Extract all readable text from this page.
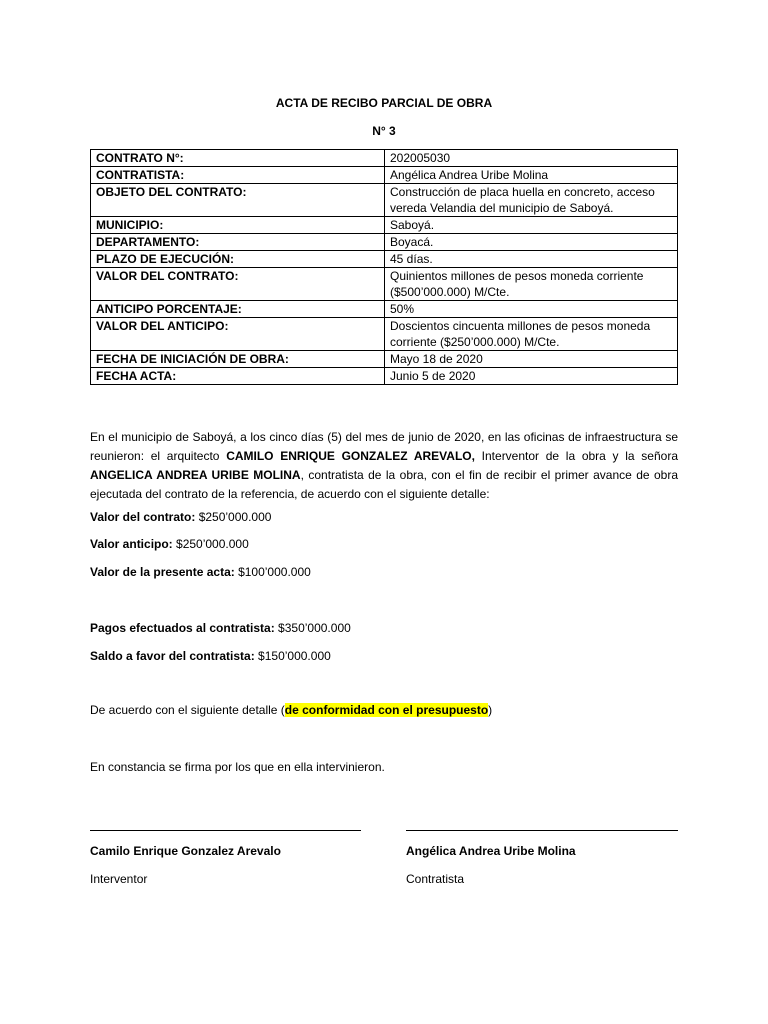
ACTA DE RECIBO PARCIAL DE OBRA
N° 3
CONTRATO N°:	202005030
CONTRATISTA:	Angélica Andrea Uribe Molina
OBJETO DEL CONTRATO:	Construcción de placa huella en concreto, acceso vereda Velandia del municipio de Saboyá.
MUNICIPIO:	Saboyá.
DEPARTAMENTO:	Boyacá.
PLAZO DE EJECUCIÓN:	45 días.
VALOR DEL CONTRATO:	Quinientos millones de pesos moneda corriente ($500’000.000) M/Cte.
ANTICIPO PORCENTAJE:	50%
VALOR DEL ANTICIPO:	Doscientos cincuenta millones de pesos moneda corriente ($250’000.000) M/Cte.
FECHA DE INICIACIÓN DE OBRA:	Mayo 18 de 2020
FECHA ACTA:	Junio 5 de 2020
En el municipio de Saboyá, a los cinco días (5) del mes de junio de 2020, en las oficinas de infraestructura se reunieron: el arquitecto CAMILO ENRIQUE GONZALEZ AREVALO, Interventor de la obra y la señora ANGELICA ANDREA URIBE MOLINA, contratista de la obra, con el fin de recibir el primer avance de obra ejecutada del contrato de la referencia, de acuerdo con el siguiente detalle:
Valor del contrato: $250’000.000
Valor anticipo: $250’000.000
Valor de la presente acta: $100’000.000
Pagos efectuados al contratista: $350’000.000
Saldo a favor del contratista: $150’000.000
De acuerdo con el siguiente detalle (de conformidad con el presupuesto)
En constancia se firma por los que en ella intervinieron.
Camilo Enrique Gonzalez Arevalo	Angélica Andrea Uribe Molina
Interventor	Contratista
